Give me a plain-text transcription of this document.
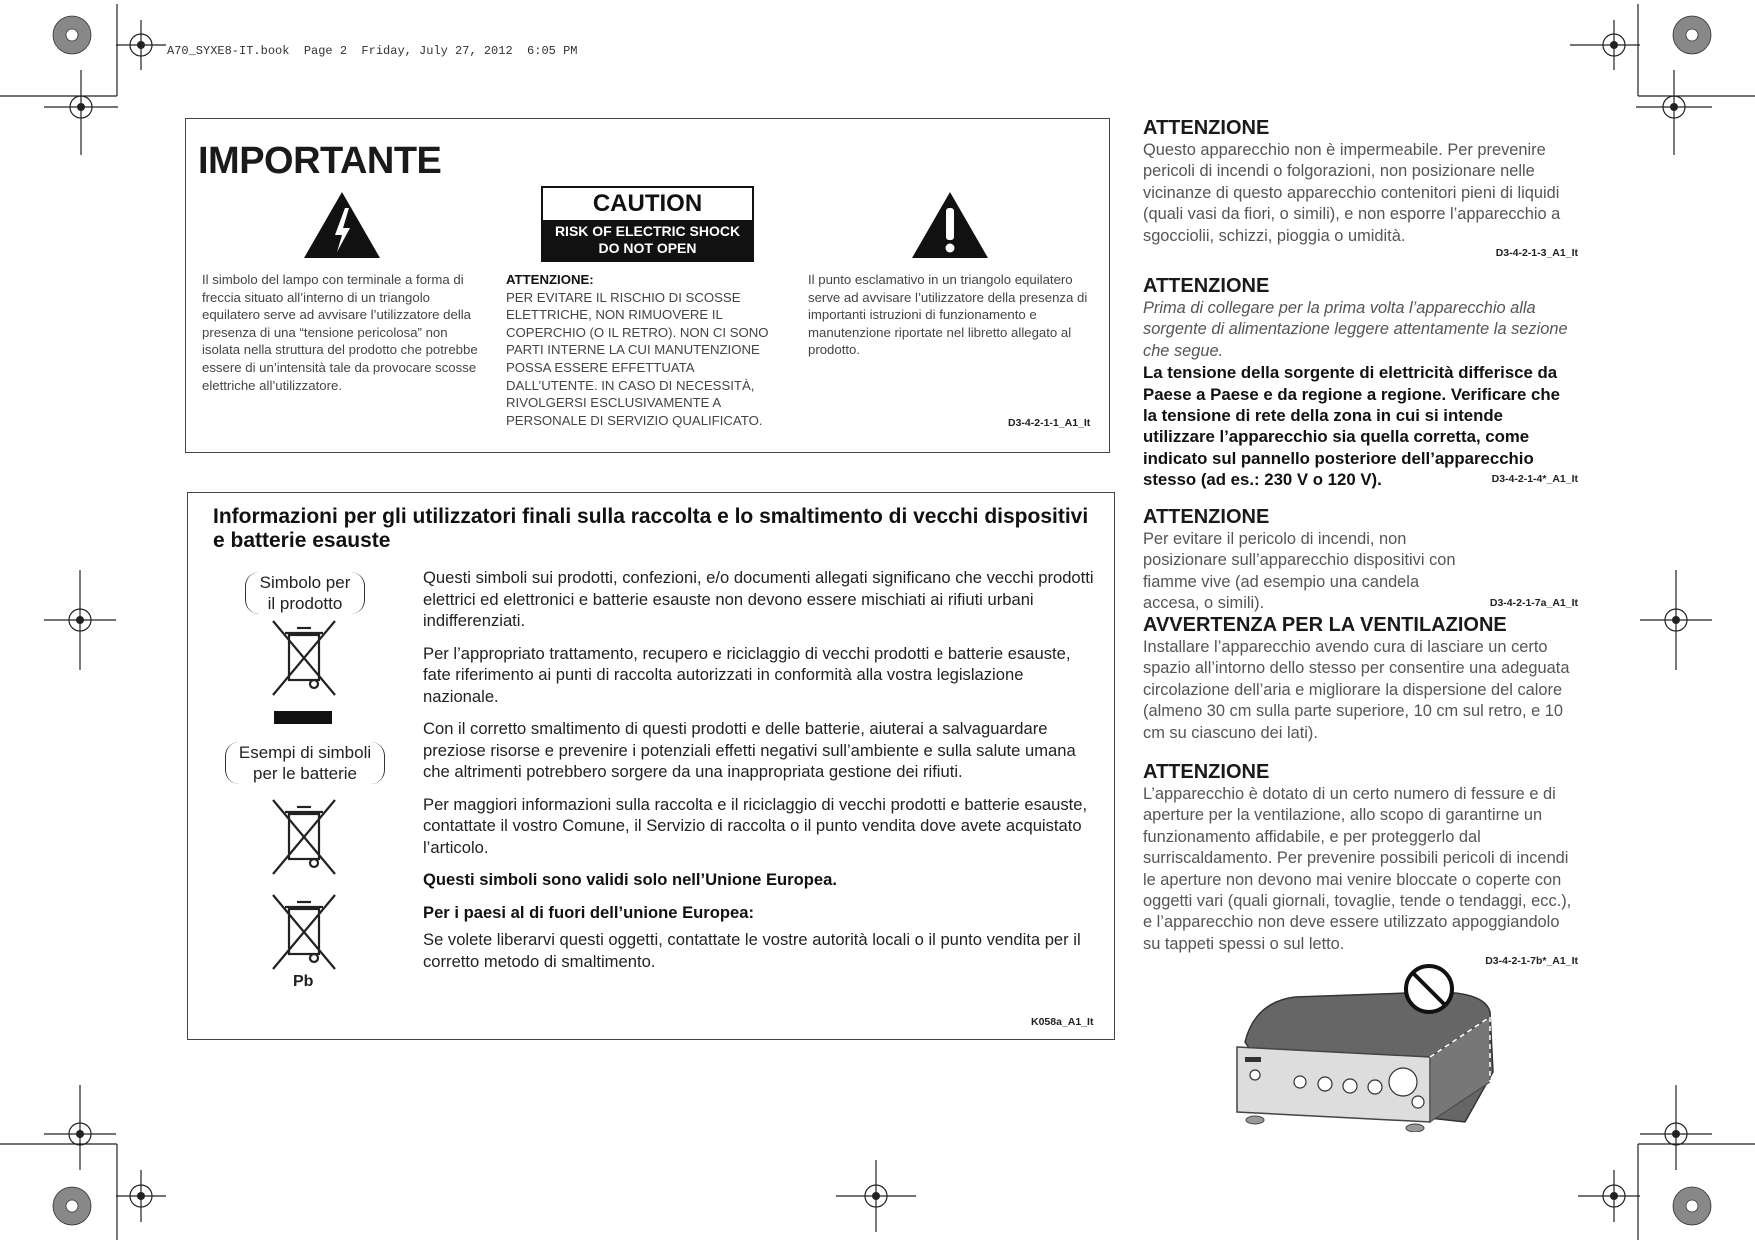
A70_SYXE8-IT.book  Page 2  Friday, July 27, 2012  6:05 PM
IMPORTANTE
CAUTION
RISK OF ELECTRIC SHOCK
DO NOT OPEN
Il simbolo del lampo con terminale a forma di freccia situato all’interno di un triangolo equilatero serve ad avvisare l’utilizzatore della presenza di una “tensione pericolosa” non isolata nella struttura del prodotto che potrebbe essere di un’intensità tale da provocare scosse elettriche all’utilizzatore.
ATTENZIONE:
PER EVITARE IL RISCHIO DI SCOSSE ELETTRICHE, NON RIMUOVERE IL COPERCHIO (O IL RETRO). NON CI SONO PARTI INTERNE LA CUI MANUTENZIONE POSSA ESSERE EFFETTUATA DALL’UTENTE. IN CASO DI NECESSITÀ, RIVOLGERSI ESCLUSIVAMENTE A PERSONALE DI SERVIZIO QUALIFICATO.
Il punto esclamativo in un triangolo equilatero serve ad avvisare l’utilizzatore della presenza di importanti istruzioni di funzionamento e manutenzione riportate nel libretto allegato al prodotto.
D3-4-2-1-1_A1_It
Informazioni per gli utilizzatori finali sulla raccolta e lo smaltimento di vecchi dispositivi e batterie esauste
Simbolo per
il prodotto
Esempi di simboli
per le batterie
Pb

Questi simboli sui prodotti, confezioni, e/o documenti allegati significano che vecchi prodotti elettrici ed elettronici e batterie esauste non devono essere mischiati ai rifiuti urbani indifferenziati.

Per l’appropriato trattamento, recupero e riciclaggio di vecchi prodotti e batterie esauste, fate riferimento ai punti di raccolta autorizzati in conformità alla vostra legislazione nazionale.

Con il corretto smaltimento di questi prodotti e delle batterie, aiuterai a salvaguardare preziose risorse e prevenire i potenziali effetti negativi sull’ambiente e sulla salute umana che altrimenti potrebbero sorgere da una inappropriata gestione dei rifiuti.

Per maggiori informazioni sulla raccolta e il riciclaggio di vecchi prodotti e batterie esauste, contattate il vostro Comune, il Servizio di raccolta o il punto vendita dove avete acquistato l’articolo.

Questi simboli sono validi solo nell’Unione Europea.

Per i paesi al di fuori dell’unione Europea:

Se volete liberarvi questi oggetti, contattate le vostre autorità locali o il punto vendita per il corretto metodo di smaltimento.

K058a_A1_It
ATTENZIONE
Questo apparecchio non è impermeabile. Per prevenire pericoli di incendi o folgorazioni, non posizionare nelle vicinanze di questo apparecchio contenitori pieni di liquidi (quali vasi da fiori, o simili), e non esporre l’apparecchio a sgocciolii, schizzi, pioggia o umidità.
D3-4-2-1-3_A1_It
ATTENZIONE
Prima di collegare per la prima volta l’apparecchio alla sorgente di alimentazione leggere attentamente la sezione che segue.
La tensione della sorgente di elettricità differisce da Paese a Paese e da regione a regione. Verificare che la tensione di rete della zona in cui si intende utilizzare l’apparecchio sia quella corretta, come indicato sul pannello posteriore dell’apparecchio stesso (ad es.: 230 V o 120 V).	D3-4-2-1-4*_A1_It
ATTENZIONE
Per evitare il pericolo di incendi, non posizionare sull’apparecchio dispositivi con fiamme vive (ad esempio una candela accesa, o simili).	D3-4-2-1-7a_A1_It
AVVERTENZA PER LA VENTILAZIONE
Installare l’apparecchio avendo cura di lasciare un certo spazio all’intorno dello stesso per consentire una adeguata circolazione dell’aria e migliorare la dispersione del calore (almeno 30 cm sulla parte superiore, 10 cm sul retro, e 10 cm su ciascuno dei lati).
ATTENZIONE
L’apparecchio è dotato di un certo numero di fessure e di aperture per la ventilazione, allo scopo di garantirne un funzionamento affidabile, e per proteggerlo dal surriscaldamento. Per prevenire possibili pericoli di incendi le aperture non devono mai venire bloccate o coperte con oggetti vari (quali giornali, tovaglie, tende o tendaggi, ecc.), e l’apparecchio non deve essere utilizzato appoggiandolo su tappeti spessi o sul letto.
D3-4-2-1-7b*_A1_It
